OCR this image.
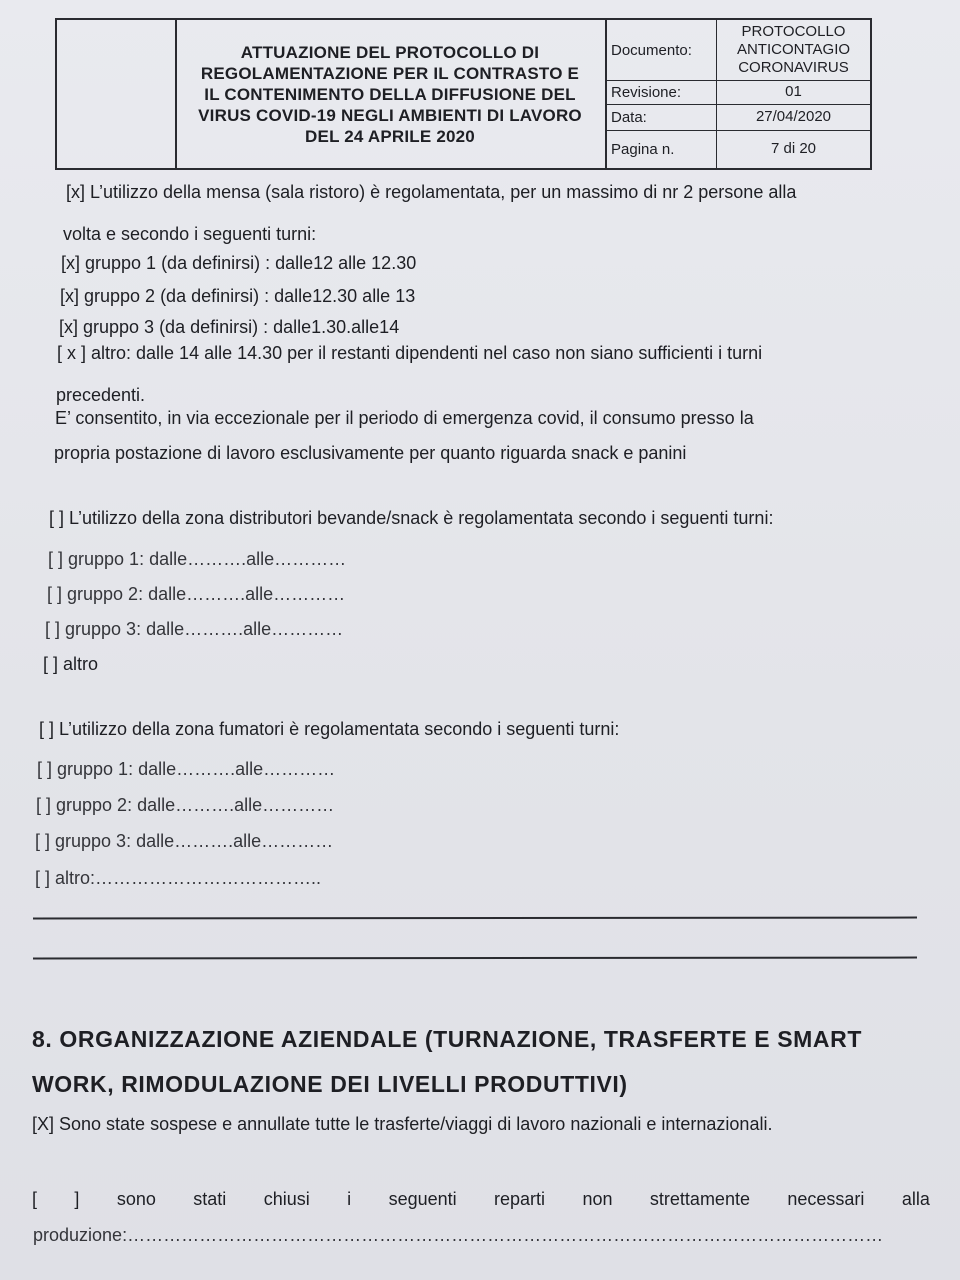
ATTUAZIONE DEL PROTOCOLLO DI
REGOLAMENTAZIONE PER IL CONTRASTO E
IL CONTENIMENTO DELLA DIFFUSIONE DEL
VIRUS COVID-19 NEGLI AMBIENTI DI LAVORO
DEL 24 APRILE 2020
Documento:
PROTOCOLLO
ANTICONTAGIO
CORONAVIRUS
Revisione:	01
Data:	27/04/2020
Pagina n.	7 di 20
[x] L’utilizzo della mensa (sala ristoro) è regolamentata, per un massimo di nr 2 persone alla
volta e secondo i seguenti turni:
[x] gruppo 1 (da definirsi) : dalle12 alle 12.30
[x] gruppo 2 (da definirsi) : dalle12.30 alle 13
[x] gruppo 3 (da definirsi) : dalle1.30.alle14
[ x ] altro: dalle 14 alle 14.30 per il restanti dipendenti nel caso non siano sufficienti i turni
precedenti.
E’ consentito, in via eccezionale per il periodo di emergenza covid, il consumo presso la
propria postazione di lavoro esclusivamente per quanto riguarda snack e panini
[ ] L’utilizzo della zona distributori bevande/snack è regolamentata secondo i seguenti turni:
[ ] gruppo 1: dalle……….alle…………
[ ] gruppo 2: dalle……….alle…………
[ ] gruppo 3: dalle……….alle…………
[ ] altro
[ ] L’utilizzo della zona fumatori è regolamentata secondo i seguenti turni:
[ ] gruppo 1: dalle……….alle…………
[ ] gruppo 2: dalle……….alle…………
[ ] gruppo 3: dalle……….alle…………
[ ] altro:………………………………..
8. ORGANIZZAZIONE AZIENDALE (TURNAZIONE, TRASFERTE E SMART
WORK, RIMODULAZIONE DEI LIVELLI PRODUTTIVI)
[X] Sono state sospese e annullate tutte le trasferte/viaggi di lavoro nazionali e internazionali.
[ ] sono stati chiusi i seguenti reparti non strettamente necessari alla
produzione:………………………………………………………………………………………………………………
